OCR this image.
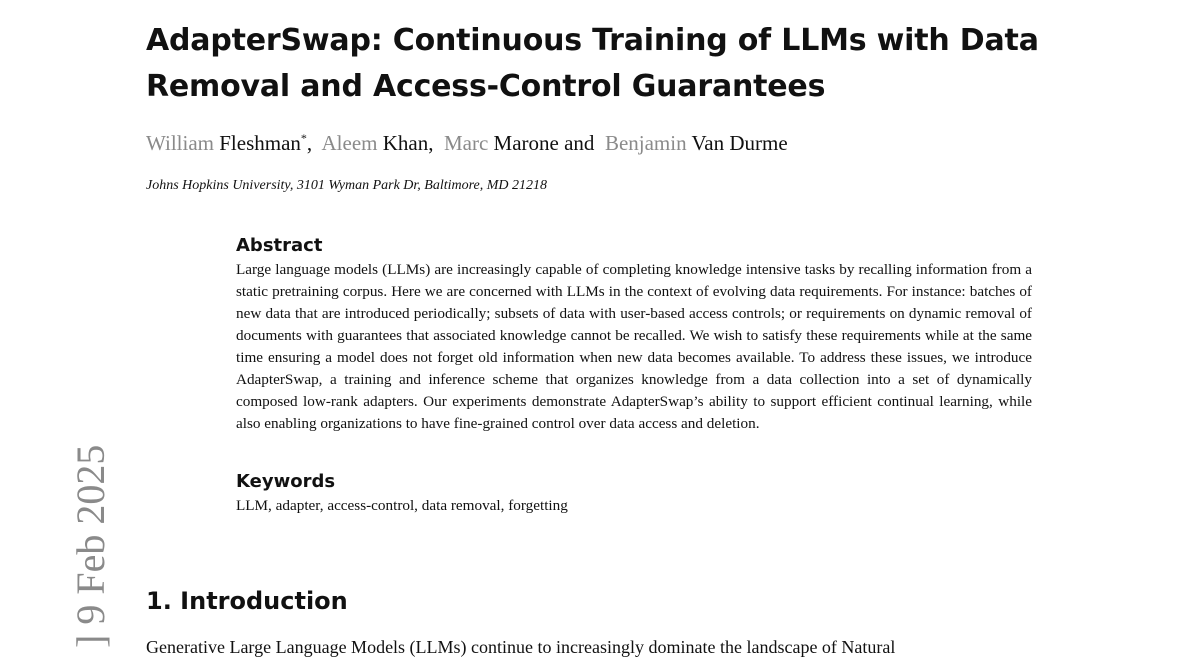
AdapterSwap: Continuous Training of LLMs with Data Removal and Access-Control Guarantees
William Fleshman*, Aleem Khan, Marc Marone and Benjamin Van Durme
Johns Hopkins University, 3101 Wyman Park Dr, Baltimore, MD 21218
Abstract
Large language models (LLMs) are increasingly capable of completing knowledge intensive tasks by recalling information from a static pretraining corpus. Here we are concerned with LLMs in the context of evolving data requirements. For instance: batches of new data that are introduced periodically; subsets of data with user-based access controls; or requirements on dynamic removal of documents with guarantees that associated knowledge cannot be recalled. We wish to satisfy these requirements while at the same time ensuring a model does not forget old information when new data becomes available. To address these issues, we introduce AdapterSwap, a training and inference scheme that organizes knowledge from a data collection into a set of dynamically composed low-rank adapters. Our experiments demonstrate AdapterSwap’s ability to support efficient continual learning, while also enabling organizations to have fine-grained control over data access and deletion.
Keywords
LLM, adapter, access-control, data removal, forgetting
1. Introduction
Generative Large Language Models (LLMs) continue to increasingly dominate the landscape of Natural
] 9 Feb 2025
